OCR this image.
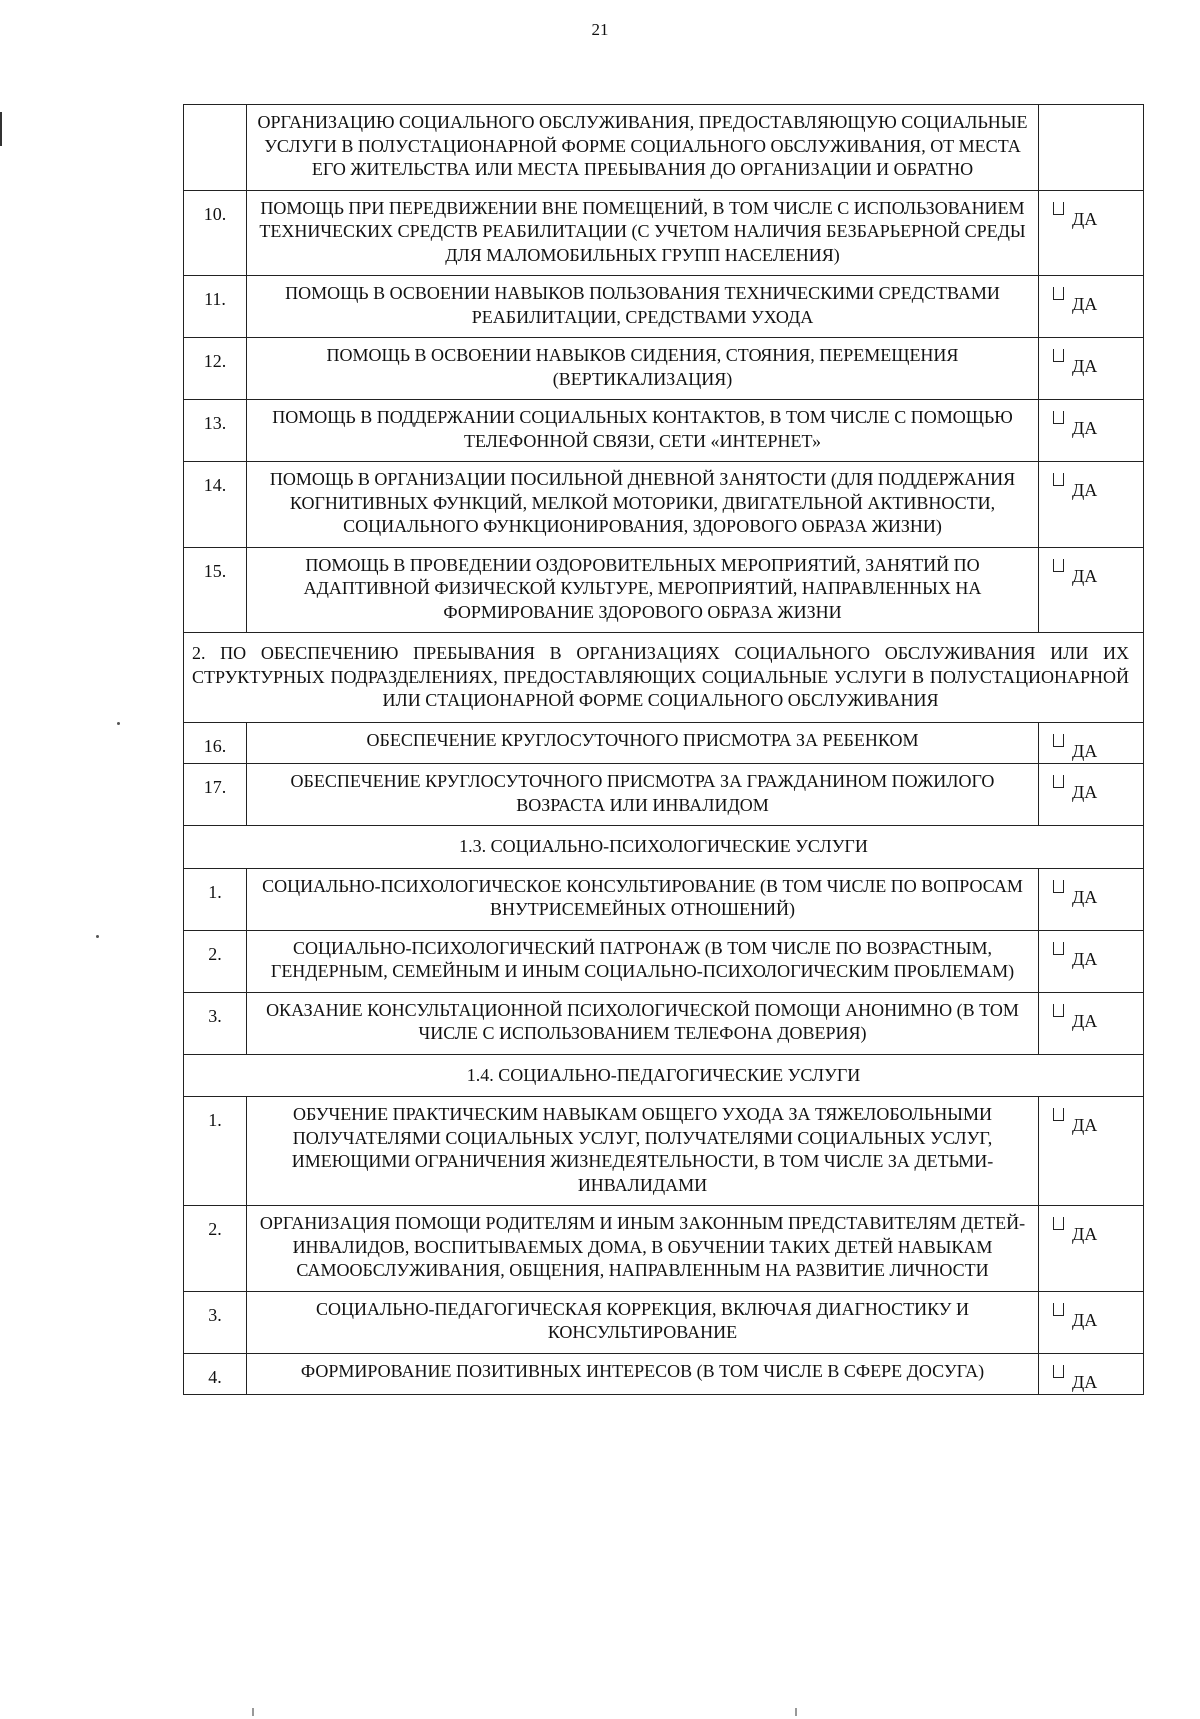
21
	ОРГАНИЗАЦИЮ СОЦИАЛЬНОГО ОБСЛУЖИВАНИЯ, ПРЕДОСТАВЛЯЮЩУЮ СОЦИАЛЬНЫЕ УСЛУГИ В ПОЛУСТАЦИОНАРНОЙ ФОРМЕ СОЦИАЛЬНОГО ОБСЛУЖИВАНИЯ, ОТ МЕСТА ЕГО ЖИТЕЛЬСТВА ИЛИ МЕСТА ПРЕБЫВАНИЯ ДО ОРГАНИЗАЦИИ И ОБРАТНО	
10.	ПОМОЩЬ ПРИ ПЕРЕДВИЖЕНИИ ВНЕ ПОМЕЩЕНИЙ, В ТОМ ЧИСЛЕ С ИСПОЛЬЗОВАНИЕМ ТЕХНИЧЕСКИХ СРЕДСТВ РЕАБИЛИТАЦИИ (С УЧЕТОМ НАЛИЧИЯ БЕЗБАРЬЕРНОЙ СРЕДЫ ДЛЯ МАЛОМОБИЛЬНЫХ ГРУПП НАСЕЛЕНИЯ)	ДА
11.	ПОМОЩЬ В ОСВОЕНИИ НАВЫКОВ ПОЛЬЗОВАНИЯ ТЕХНИЧЕСКИМИ СРЕДСТВАМИ РЕАБИЛИТАЦИИ, СРЕДСТВАМИ УХОДА	ДА
12.	ПОМОЩЬ В ОСВОЕНИИ НАВЫКОВ СИДЕНИЯ, СТОЯНИЯ, ПЕРЕМЕЩЕНИЯ (ВЕРТИКАЛИЗАЦИЯ)	ДА
13.	ПОМОЩЬ В ПОДДЕРЖАНИИ СОЦИАЛЬНЫХ КОНТАКТОВ, В ТОМ ЧИСЛЕ С ПОМОЩЬЮ ТЕЛЕФОННОЙ СВЯЗИ, СЕТИ «ИНТЕРНЕТ»	ДА
14.	ПОМОЩЬ В ОРГАНИЗАЦИИ ПОСИЛЬНОЙ ДНЕВНОЙ ЗАНЯТОСТИ (ДЛЯ ПОДДЕРЖАНИЯ КОГНИТИВНЫХ ФУНКЦИЙ, МЕЛКОЙ МОТОРИКИ, ДВИГАТЕЛЬНОЙ АКТИВНОСТИ, СОЦИАЛЬНОГО ФУНКЦИОНИРОВАНИЯ, ЗДОРОВОГО ОБРАЗА ЖИЗНИ)	ДА
15.	ПОМОЩЬ В ПРОВЕДЕНИИ ОЗДОРОВИТЕЛЬНЫХ МЕРОПРИЯТИЙ, ЗАНЯТИЙ ПО АДАПТИВНОЙ ФИЗИЧЕСКОЙ КУЛЬТУРЕ, МЕРОПРИЯТИЙ, НАПРАВЛЕННЫХ НА ФОРМИРОВАНИЕ ЗДОРОВОГО ОБРАЗА ЖИЗНИ	ДА
2. ПО ОБЕСПЕЧЕНИЮ ПРЕБЫВАНИЯ В ОРГАНИЗАЦИЯХ СОЦИАЛЬНОГО ОБСЛУЖИВАНИЯ ИЛИ ИХ СТРУКТУРНЫХ ПОДРАЗДЕЛЕНИЯХ, ПРЕДОСТАВЛЯЮЩИХ СОЦИАЛЬНЫЕ УСЛУГИ В ПОЛУСТАЦИОНАРНОЙ ИЛИ СТАЦИОНАРНОЙ ФОРМЕ СОЦИАЛЬНОГО ОБСЛУЖИВАНИЯ		
16.	ОБЕСПЕЧЕНИЕ КРУГЛОСУТОЧНОГО ПРИСМОТРА ЗА РЕБЕНКОМ	ДА
17.	ОБЕСПЕЧЕНИЕ КРУГЛОСУТОЧНОГО ПРИСМОТРА ЗА ГРАЖДАНИНОМ ПОЖИЛОГО ВОЗРАСТА ИЛИ ИНВАЛИДОМ	ДА
1.3. СОЦИАЛЬНО-ПСИХОЛОГИЧЕСКИЕ УСЛУГИ		
1.	СОЦИАЛЬНО-ПСИХОЛОГИЧЕСКОЕ КОНСУЛЬТИРОВАНИЕ (В ТОМ ЧИСЛЕ ПО ВОПРОСАМ ВНУТРИСЕМЕЙНЫХ ОТНОШЕНИЙ)	ДА
2.	СОЦИАЛЬНО-ПСИХОЛОГИЧЕСКИЙ ПАТРОНАЖ (В ТОМ ЧИСЛЕ ПО ВОЗРАСТНЫМ, ГЕНДЕРНЫМ, СЕМЕЙНЫМ И ИНЫМ СОЦИАЛЬНО-ПСИХОЛОГИЧЕСКИМ ПРОБЛЕМАМ)	ДА
3.	ОКАЗАНИЕ КОНСУЛЬТАЦИОННОЙ ПСИХОЛОГИЧЕСКОЙ ПОМОЩИ АНОНИМНО (В ТОМ ЧИСЛЕ С ИСПОЛЬЗОВАНИЕМ ТЕЛЕФОНА ДОВЕРИЯ)	ДА
1.4. СОЦИАЛЬНО-ПЕДАГОГИЧЕСКИЕ УСЛУГИ		
1.	ОБУЧЕНИЕ ПРАКТИЧЕСКИМ НАВЫКАМ ОБЩЕГО УХОДА ЗА ТЯЖЕЛОБОЛЬНЫМИ ПОЛУЧАТЕЛЯМИ СОЦИАЛЬНЫХ УСЛУГ, ПОЛУЧАТЕЛЯМИ СОЦИАЛЬНЫХ УСЛУГ, ИМЕЮЩИМИ ОГРАНИЧЕНИЯ ЖИЗНЕДЕЯТЕЛЬНОСТИ, В ТОМ ЧИСЛЕ ЗА ДЕТЬМИ-ИНВАЛИДАМИ	ДА
2.	ОРГАНИЗАЦИЯ ПОМОЩИ РОДИТЕЛЯМ И ИНЫМ ЗАКОННЫМ ПРЕДСТАВИТЕЛЯМ ДЕТЕЙ-ИНВАЛИДОВ, ВОСПИТЫВАЕМЫХ ДОМА, В ОБУЧЕНИИ ТАКИХ ДЕТЕЙ НАВЫКАМ САМООБСЛУЖИВАНИЯ, ОБЩЕНИЯ, НАПРАВЛЕННЫМ НА РАЗВИТИЕ ЛИЧНОСТИ	ДА
3.	СОЦИАЛЬНО-ПЕДАГОГИЧЕСКАЯ КОРРЕКЦИЯ, ВКЛЮЧАЯ ДИАГНОСТИКУ И КОНСУЛЬТИРОВАНИЕ	ДА
4.	ФОРМИРОВАНИЕ ПОЗИТИВНЫХ ИНТЕРЕСОВ (В ТОМ ЧИСЛЕ В СФЕРЕ ДОСУГА)	ДА
